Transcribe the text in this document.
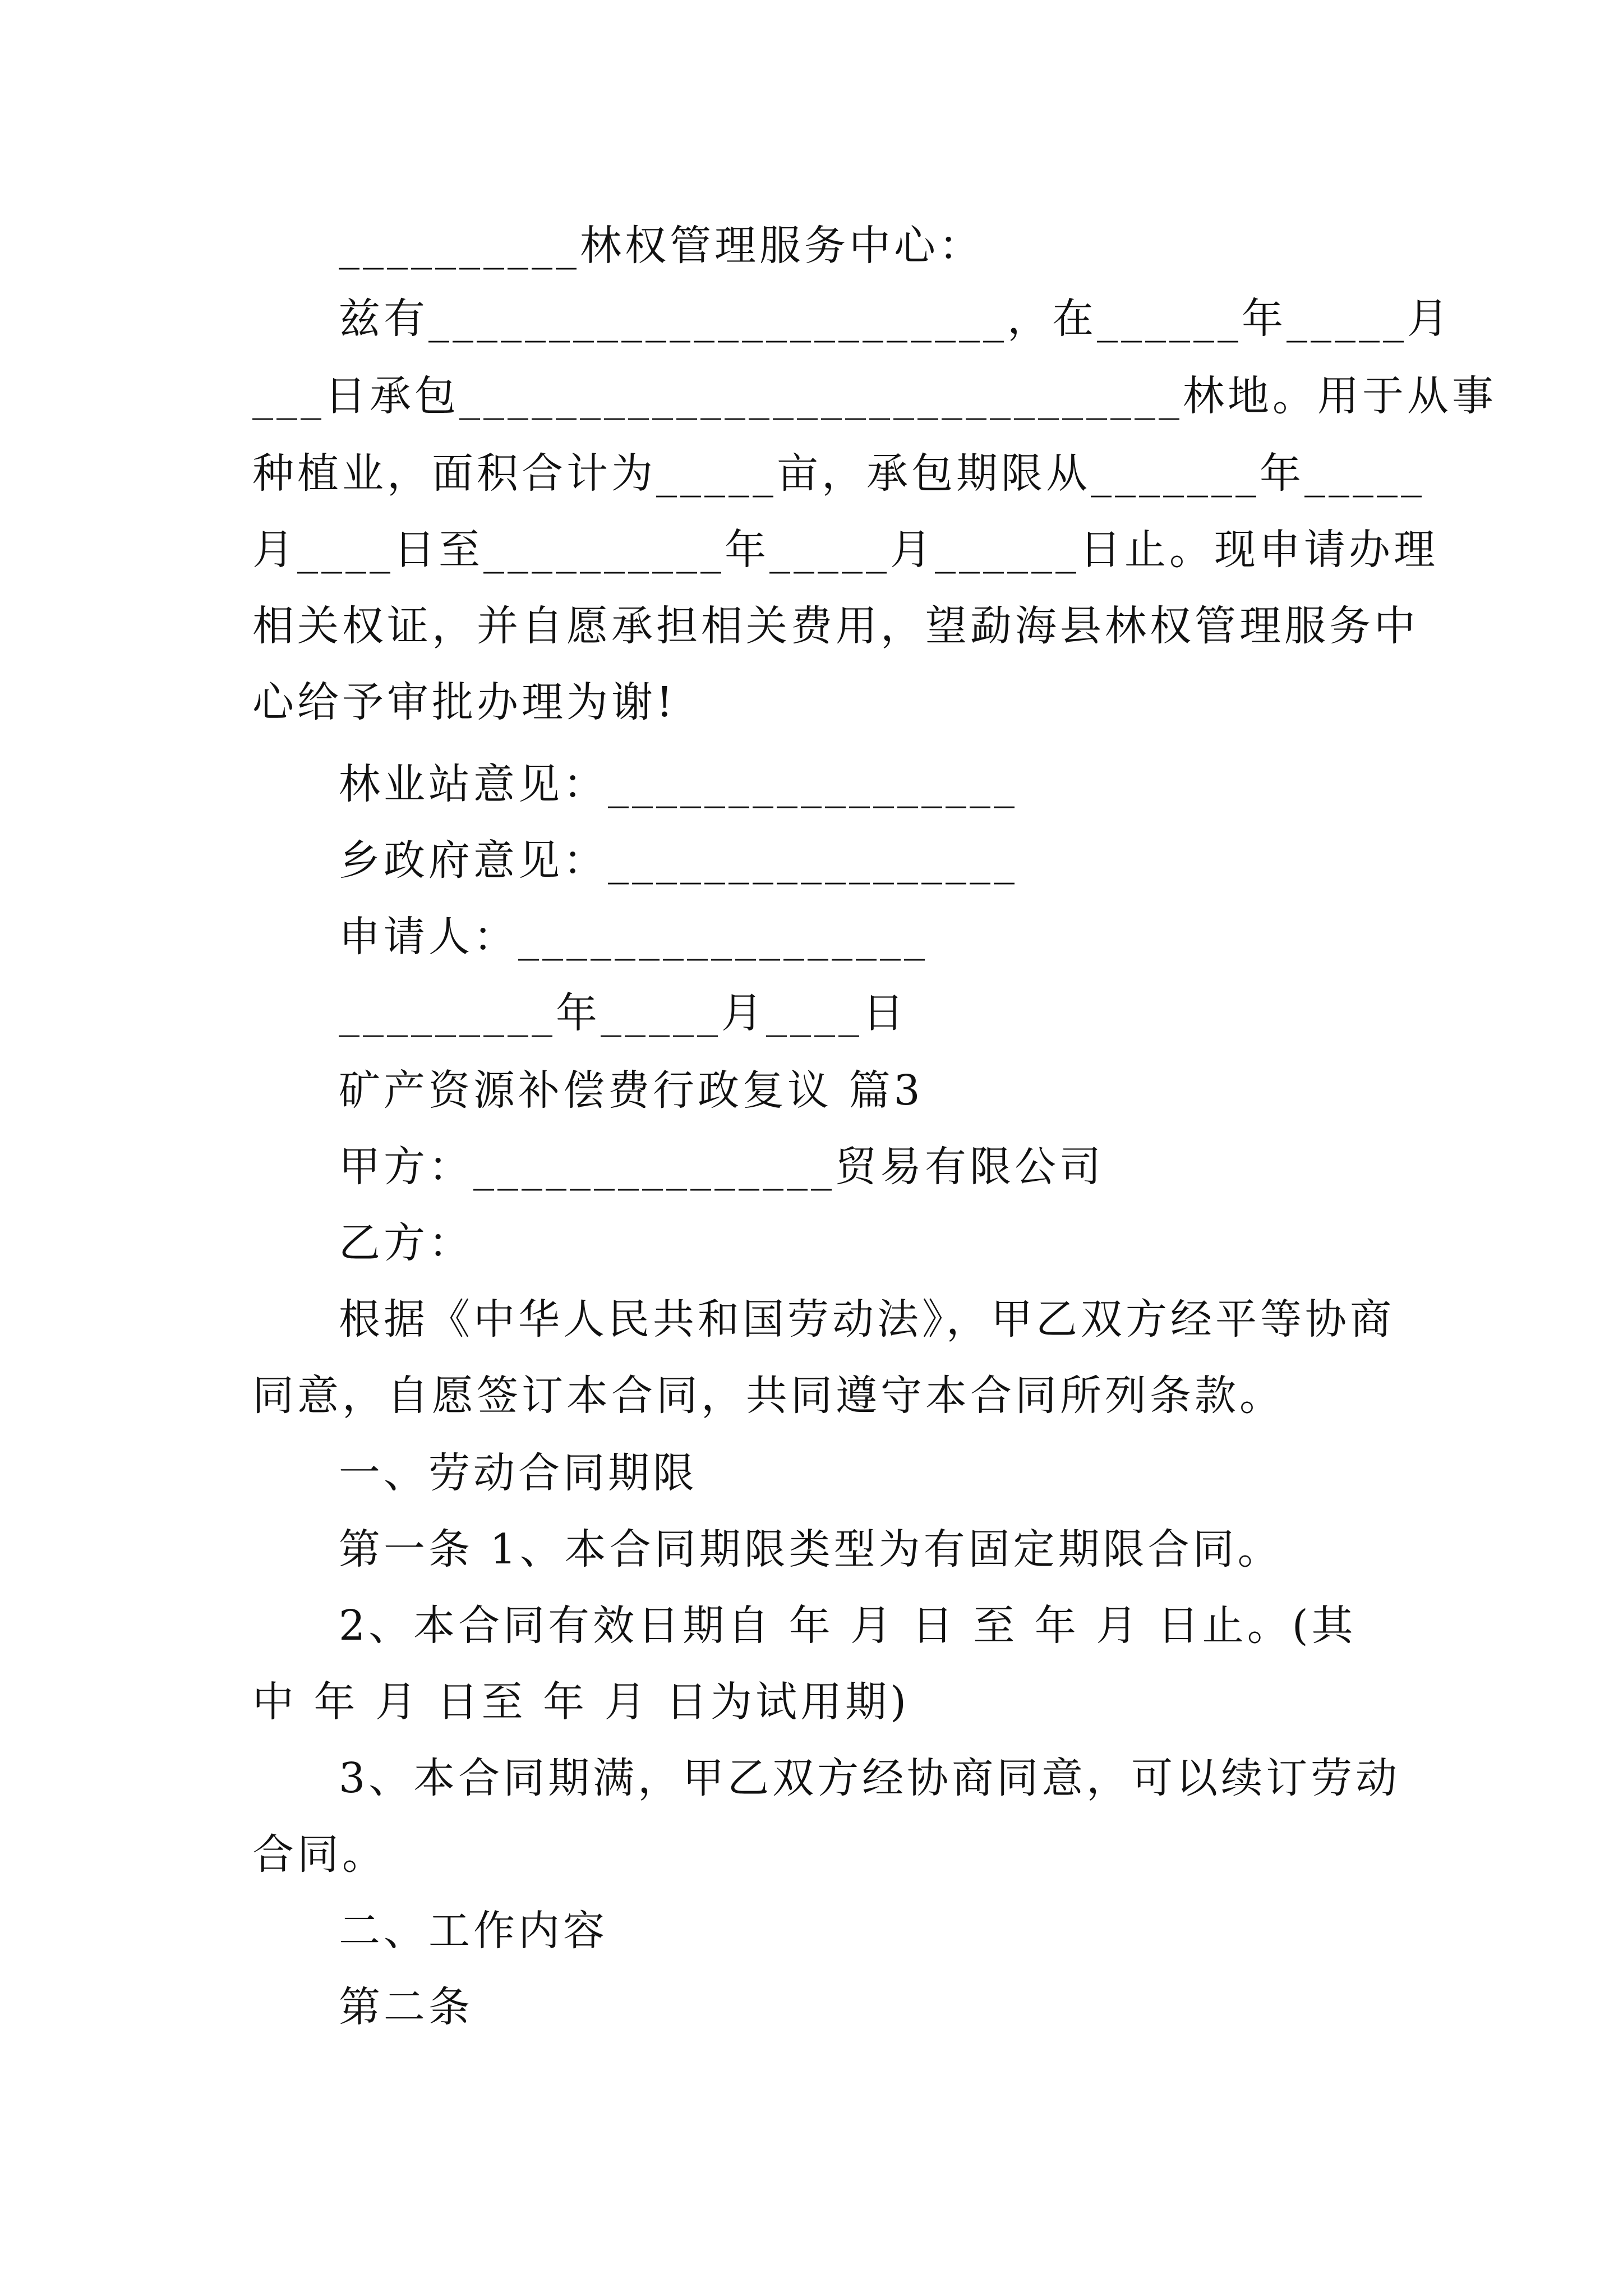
__________林权管理服务中心：

兹有________________________，在______年_____月

___日承包______________________________林地。用于从事

种植业，面积合计为_____亩，承包期限从_______年_____

月____日至__________年_____月______日止。现申请办理

相关权证，并自愿承担相关费用，望勐海县林权管理服务中

心给予审批办理为谢!

林业站意见：_________________

乡政府意见：_________________

申请人：_________________

_________年_____月____日

矿产资源补偿费行政复议 篇3

甲方：_______________贸易有限公司

乙方：

根据《中华人民共和国劳动法》，甲乙双方经平等协商

同意，自愿签订本合同，共同遵守本合同所列条款。

一、劳动合同期限

第一条 1、本合同期限类型为有固定期限合同。

2、本合同有效日期自 年 月 日 至 年 月 日止。(其

中 年 月 日至 年 月 日为试用期)

3、本合同期满，甲乙双方经协商同意，可以续订劳动

合同。

二、工作内容

第二条
